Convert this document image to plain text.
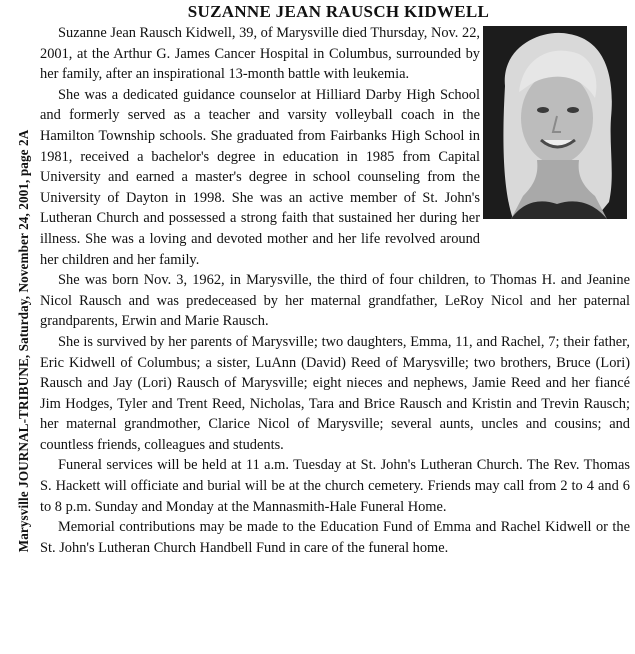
Marysville JOURNAL-TRIBUNE, Saturday, November 24, 2001, page 2A
SUZANNE JEAN RAUSCH KIDWELL

Suzanne Jean Rausch Kidwell, 39, of Marysville died Thursday, Nov. 22, 2001, at the Arthur G. James Cancer Hospital in Columbus, surrounded by her family, after an inspirational 13-month battle with leukemia.

She was a dedicated guidance counselor at Hilliard Darby High School and formerly served as a teacher and varsity volleyball coach in the Hamilton Township schools. She graduated from Fairbanks High School in 1981, received a bachelor's degree in education in 1985 from Capital University and earned a master's degree in school counseling from the University of Dayton in 1998. She was an active member of St. John's Lutheran Church and possessed a strong faith that sustained her during her illness. She was a loving and devoted mother and her life revolved around her children and her family.

She was born Nov. 3, 1962, in Marysville, the third of four children, to Thomas H. and Jeanine Nicol Rausch and was predeceased by her maternal grandfather, LeRoy Nicol and her paternal grandparents, Erwin and Marie Rausch.

She is survived by her parents of Marysville; two daughters, Emma, 11, and Rachel, 7; their father, Eric Kidwell of Columbus; a sister, LuAnn (David) Reed of Marysville; two brothers, Bruce (Lori) Rausch and Jay (Lori) Rausch of Marysville; eight nieces and nephews, Jamie Reed and her fiancé Jim Hodges, Tyler and Trent Reed, Nicholas, Tara and Brice Rausch and Kristin and Trevin Rausch; her maternal grandmother, Clarice Nicol of Marysville; several aunts, uncles and cousins; and countless friends, colleagues and students.

Funeral services will be held at 11 a.m. Tuesday at St. John's Lutheran Church. The Rev. Thomas S. Hackett will officiate and burial will be at the church cemetery. Friends may call from 2 to 4 and 6 to 8 p.m. Sunday and Monday at the Mannasmith-Hale Funeral Home.

Memorial contributions may be made to the Education Fund of Emma and Rachel Kidwell or the St. John's Lutheran Church Handbell Fund in care of the funeral home.
